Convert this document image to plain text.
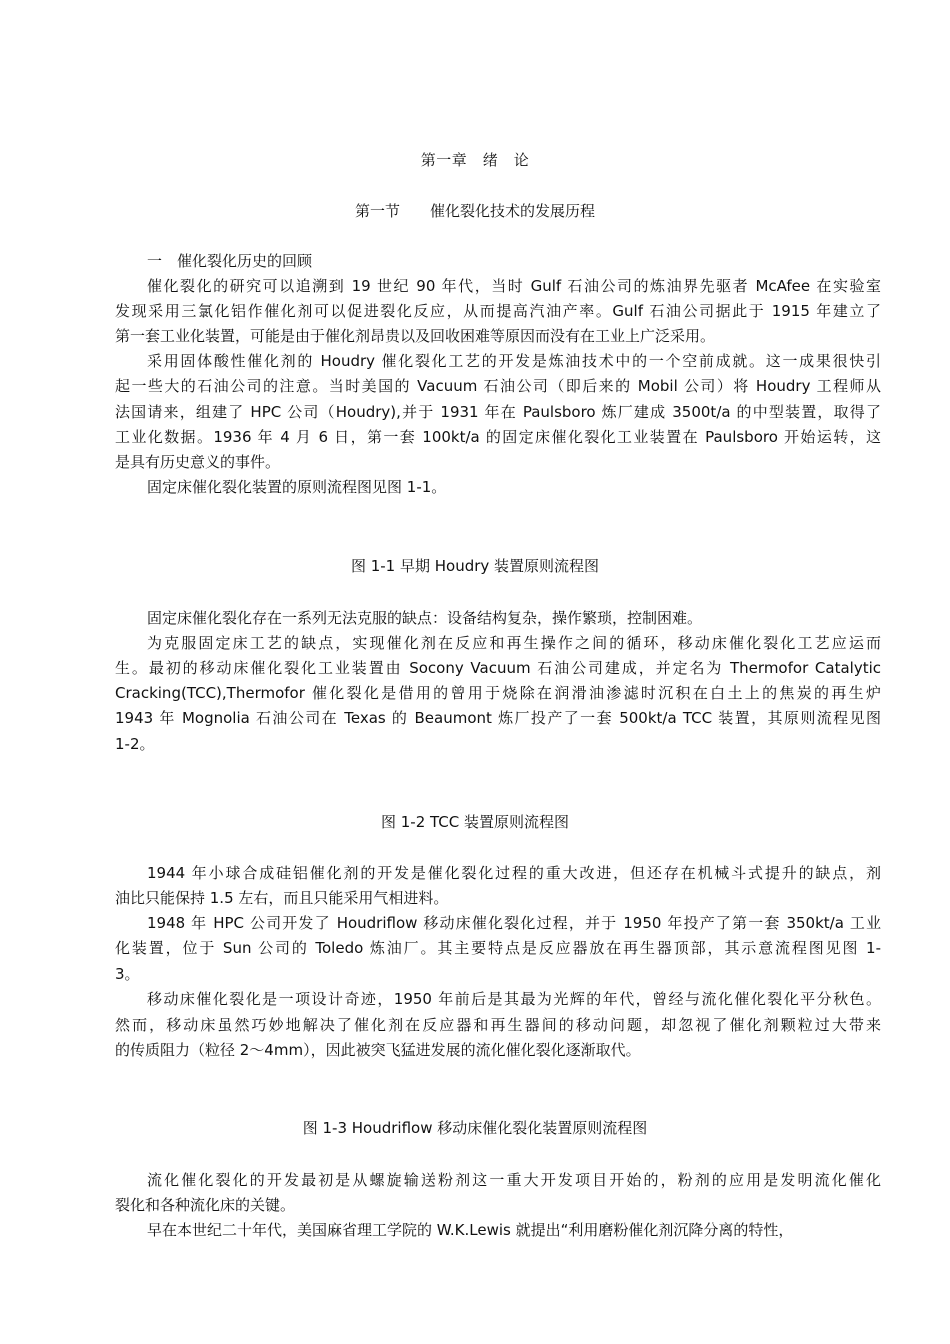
第一章　绪　论
第一节　　催化裂化技术的发展历程
一　催化裂化历史的回顾
催化裂化的研究可以追溯到 19 世纪 90 年代，当时 Gulf 石油公司的炼油界先驱者 McAfee 在实验室
发现采用三氯化铝作催化剂可以促进裂化反应，从而提高汽油产率。Gulf 石油公司据此于 1915 年建立了
第一套工业化装置，可能是由于催化剂昂贵以及回收困难等原因而没有在工业上广泛采用。
采用固体酸性催化剂的 Houdry 催化裂化工艺的开发是炼油技术中的一个空前成就。这一成果很快引
起一些大的石油公司的注意。当时美国的 Vacuum 石油公司（即后来的 Mobil 公司）将 Houdry 工程师从
法国请来，组建了 HPC 公司（Houdry),并于 1931 年在 Paulsboro 炼厂建成 3500t/a 的中型装置，取得了
工业化数据。1936 年 4 月 6 日，第一套 100kt/a 的固定床催化裂化工业装置在 Paulsboro 开始运转，这
是具有历史意义的事件。
固定床催化裂化装置的原则流程图见图 1-1。
图 1-1 早期 Houdry 装置原则流程图
固定床催化裂化存在一系列无法克服的缺点：设备结构复杂，操作繁琐，控制困难。
为克服固定床工艺的缺点，实现催化剂在反应和再生操作之间的循环，移动床催化裂化工艺应运而
生。最初的移动床催化裂化工业装置由 Socony Vacuum 石油公司建成，并定名为 Thermofor Catalytic
Cracking(TCC),Thermofor 催化裂化是借用的曾用于烧除在润滑油渗滤时沉积在白土上的焦炭的再生炉
1943 年 Mognolia 石油公司在 Texas 的 Beaumont 炼厂投产了一套 500kt/a TCC 装置，其原则流程见图
1-2。
图 1-2 TCC 装置原则流程图
1944 年小球合成硅铝催化剂的开发是催化裂化过程的重大改进，但还存在机械斗式提升的缺点，剂
油比只能保持 1.5 左右，而且只能采用气相进料。
1948 年 HPC 公司开发了 Houdriflow 移动床催化裂化过程，并于 1950 年投产了第一套 350kt/a 工业
化装置，位于 Sun 公司的 Toledo 炼油厂。其主要特点是反应器放在再生器顶部，其示意流程图见图 1-
3。
移动床催化裂化是一项设计奇迹，1950 年前后是其最为光辉的年代，曾经与流化催化裂化平分秋色。
然而，移动床虽然巧妙地解决了催化剂在反应器和再生器间的移动问题，却忽视了催化剂颗粒过大带来
的传质阻力（粒径 2～4mm），因此被突飞猛进发展的流化催化裂化逐渐取代。
图 1-3 Houdriflow 移动床催化裂化装置原则流程图
流化催化裂化的开发最初是从螺旋输送粉剂这一重大开发项目开始的，粉剂的应用是发明流化催化
裂化和各种流化床的关键。
早在本世纪二十年代，美国麻省理工学院的 W.K.Lewis 就提出“利用磨粉催化剂沉降分离的特性，
